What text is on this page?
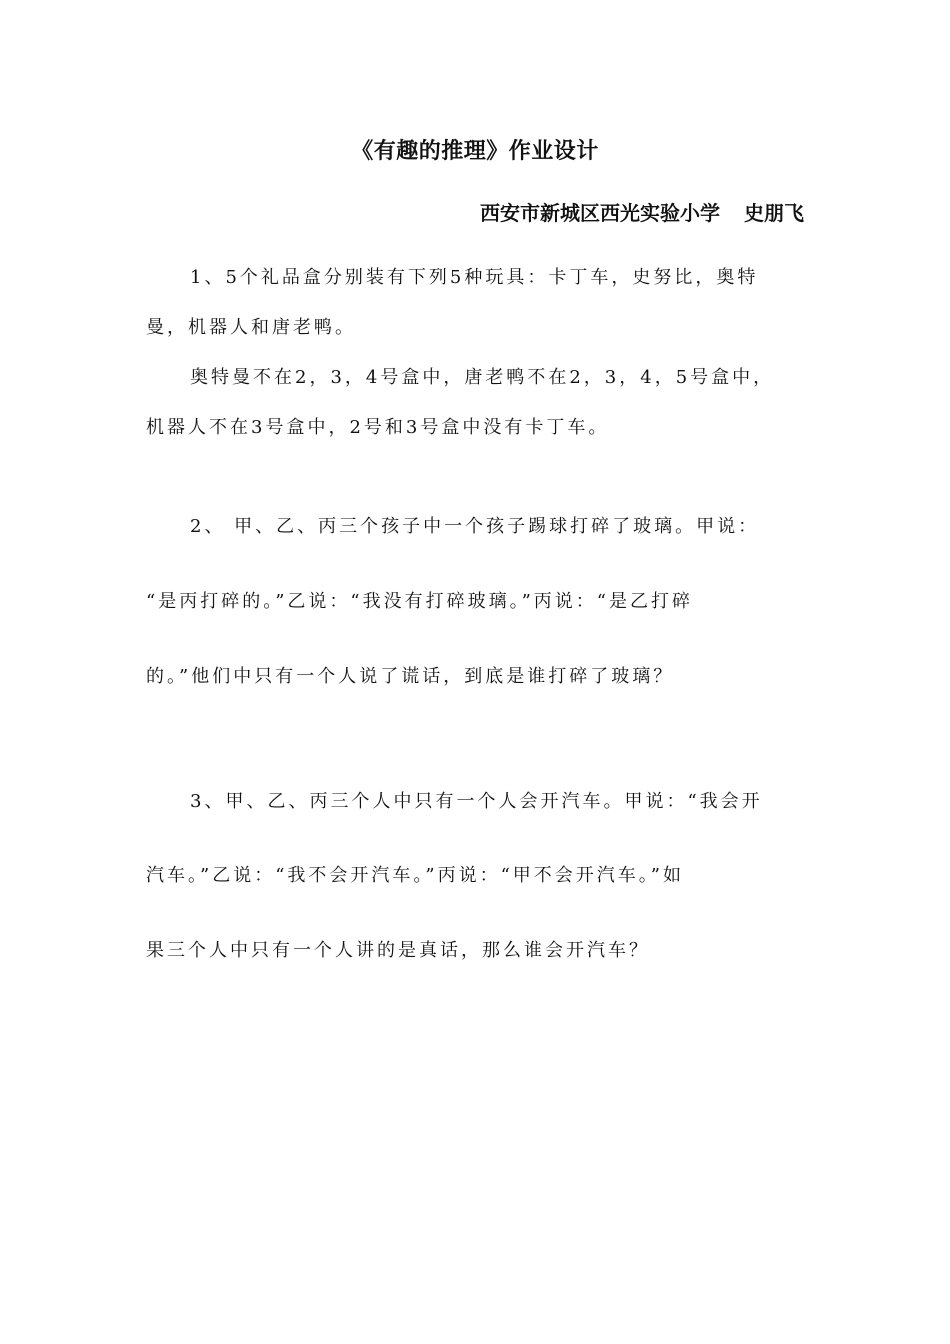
《有趣的推理》作业设计
西安市新城区西光实验小学 史朋飞
1、5个礼品盒分别装有下列5种玩具：卡丁车，史努比，奥特
曼，机器人和唐老鸭。
奥特曼不在2，3，4号盒中，唐老鸭不在2，3，4，5号盒中，
机器人不在3号盒中，2号和3号盒中没有卡丁车。
2、 甲、乙、丙三个孩子中一个孩子踢球打碎了玻璃。甲说：
“是丙打碎的。”乙说：“我没有打碎玻璃。”丙说：“是乙打碎
的。”他们中只有一个人说了谎话，到底是谁打碎了玻璃？
3、甲、乙、丙三个人中只有一个人会开汽车。甲说：“我会开
汽车。”乙说：“我不会开汽车。”丙说：“甲不会开汽车。”如
果三个人中只有一个人讲的是真话，那么谁会开汽车？
